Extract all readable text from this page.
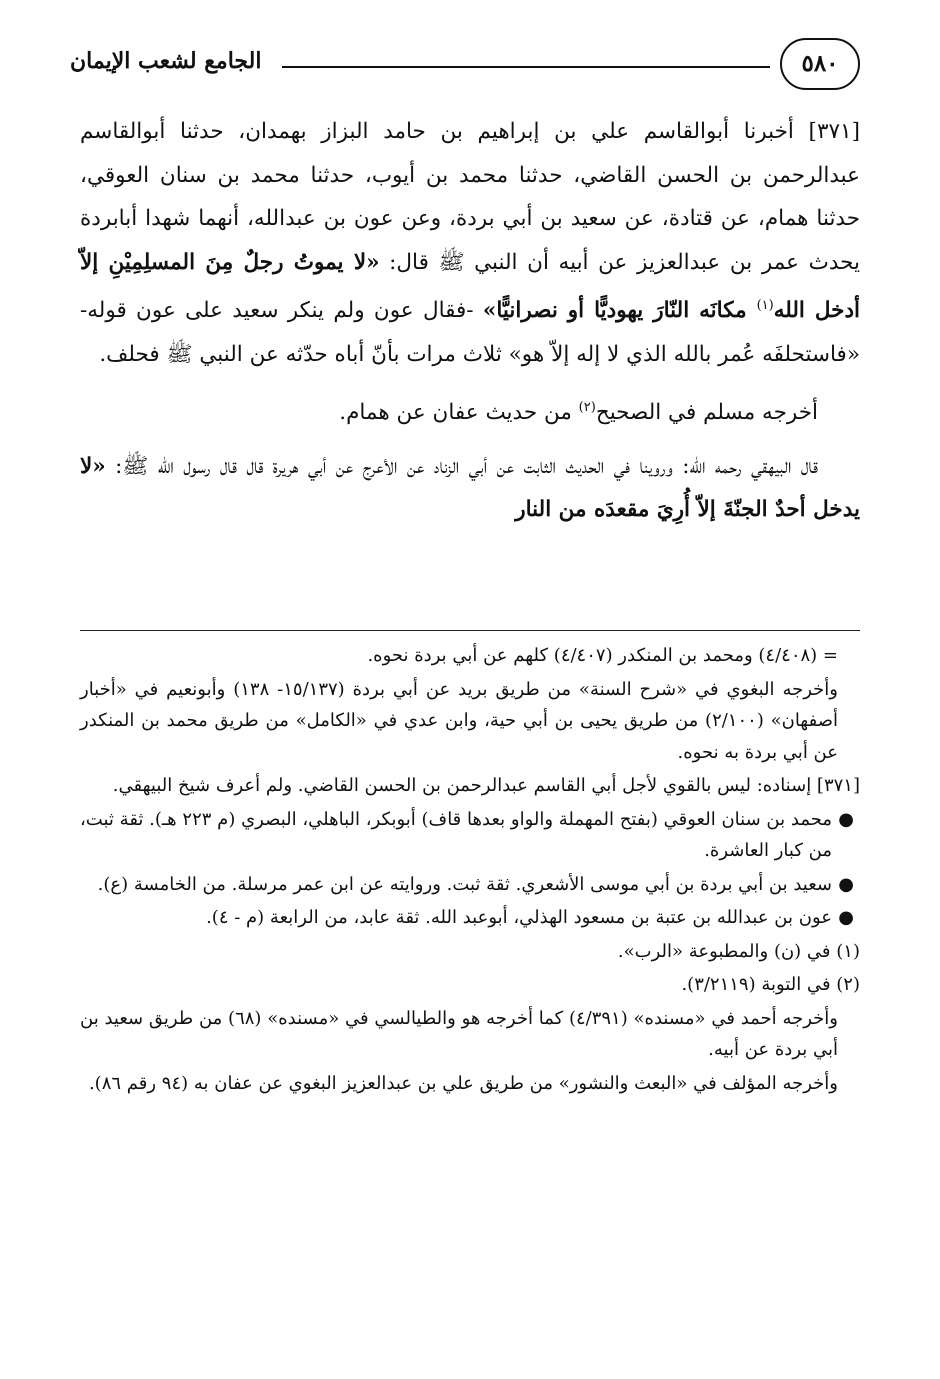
٥٨٠
الجامع لشعب الإيمان

[٣٧١] أخبرنا أبوالقاسم علي بن إبراهيم بن حامد البزاز بهمدان، حدثنا أبوالقاسم عبدالرحمن بن الحسن القاضي، حدثنا محمد بن أيوب، حدثنا محمد بن سنان العوقي، حدثنا همام، عن قتادة، عن سعيد بن أبي بردة، وعن عون بن عبدالله، أنهما شهدا أبابردة يحدث عمر بن عبدالعزيز عن أبيه أن النبي ﷺ قال: «لا يموتُ رجلٌ مِنَ المسلِمِيْنِ إلاّ أدخل الله$^{(١)}$ مكانَه النّارَ يهوديًّا أو نصرانيًّا» -فقال عون ولم ينكر سعيد على عون قوله- «فاستحلفَه عُمر بالله الذي لا إله إلاّ هو» ثلاث مرات بأنّ أباه حدّثه عن النبي ﷺ فحلف.

أخرجه مسلم في الصحيح$^{(٢)}$ من حديث عفان عن همام.

قال البيهقي رحمه الله: وروينا في الحديث الثابت عن أبي الزناد عن الأعرج عن أبي هريرة قال قال رسول الله ﷺ: «لا يدخل أحدٌ الجنّةَ إلاّ أُرِيَ مقعدَه من النار

= (٤/٤٠٨) ومحمد بن المنكدر (٤/٤٠٧) كلهم عن أبي بردة نحوه.

وأخرجه البغوي في «شرح السنة» من طريق بريد عن أبي بردة (١٥/١٣٧- ١٣٨) وأبونعيم في «أخبار أصفهان» (٢/١٠٠) من طريق يحيى بن أبي حية، وابن عدي في «الكامل» من طريق محمد بن المنكدر عن أبي بردة به نحوه.

[٣٧١] إسناده: ليس بالقوي لأجل أبي القاسم عبدالرحمن بن الحسن القاضي. ولم أعرف شيخ البيهقي.

●
محمد بن سنان العوقي (بفتح المهملة والواو بعدها قاف) أبوبكر، الباهلي، البصري (م ٢٢٣ هـ). ثقة ثبت، من كبار العاشرة.

●
سعيد بن أبي بردة بن أبي موسى الأشعري. ثقة ثبت. وروايته عن ابن عمر مرسلة. من الخامسة (ع).

●
عون بن عبدالله بن عتبة بن مسعود الهذلي، أبوعبد الله. ثقة عابد، من الرابعة (م - ٤).

(١) في (ن) والمطبوعة «الرب».

(٢) في التوبة (٣/٢١١٩).

وأخرجه أحمد في «مسنده» (٤/٣٩١) كما أخرجه هو والطيالسي في «مسنده» (٦٨) من طريق سعيد بن أبي بردة عن أبيه.

وأخرجه المؤلف في «البعث والنشور» من طريق علي بن عبدالعزيز البغوي عن عفان به (٩٤ رقم ٨٦).
